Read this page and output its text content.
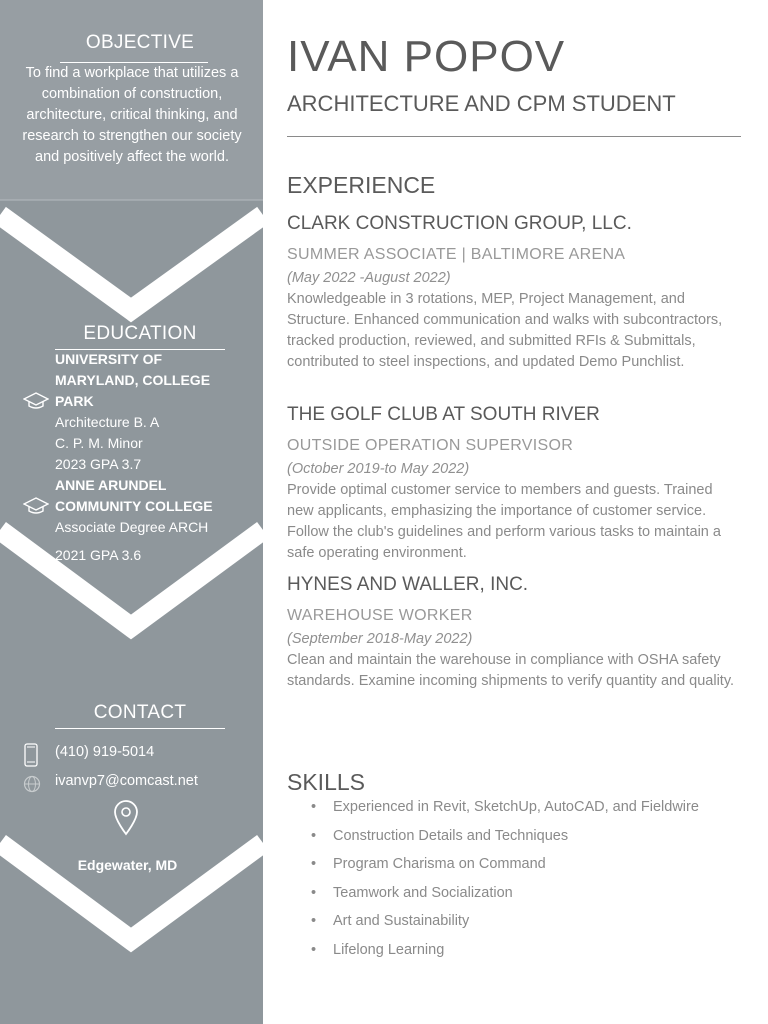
OBJECTIVE
To find a workplace that utilizes a combination of construction, architecture, critical thinking, and research to strengthen our society and positively affect the world.
EDUCATION
UNIVERSITY OF MARYLAND, COLLEGE PARK
Architecture B. A
C. P. M. Minor
2023 GPA 3.7
ANNE ARUNDEL COMMUNITY COLLEGE
Associate Degree ARCH
2021 GPA 3.6
CONTACT
(410) 919-5014
ivanvp7@comcast.net
Edgewater, MD
IVAN POPOV
ARCHITECTURE AND CPM STUDENT
EXPERIENCE
CLARK CONSTRUCTION GROUP, LLC.
SUMMER ASSOCIATE | BALTIMORE ARENA
(May 2022 -August 2022)
Knowledgeable in 3 rotations, MEP, Project Management, and Structure. Enhanced communication and walks with subcontractors, tracked production, reviewed, and submitted RFIs & Submittals, contributed to steel inspections, and updated Demo Punchlist.
THE GOLF CLUB AT SOUTH RIVER
OUTSIDE OPERATION SUPERVISOR
(October 2019-to May 2022)
Provide optimal customer service to members and guests. Trained new applicants, emphasizing the importance of customer service. Follow the club's guidelines and perform various tasks to maintain a safe operating environment.
HYNES AND WALLER, INC.
WAREHOUSE WORKER
(September 2018-May 2022)
Clean and maintain the warehouse in compliance with OSHA safety standards. Examine incoming shipments to verify quantity and quality.
SKILLS
• Experienced in Revit, SketchUp, AutoCAD, and Fieldwire
• Construction Details and Techniques
• Program Charisma on Command
• Teamwork and Socialization
• Art and Sustainability
• Lifelong Learning
